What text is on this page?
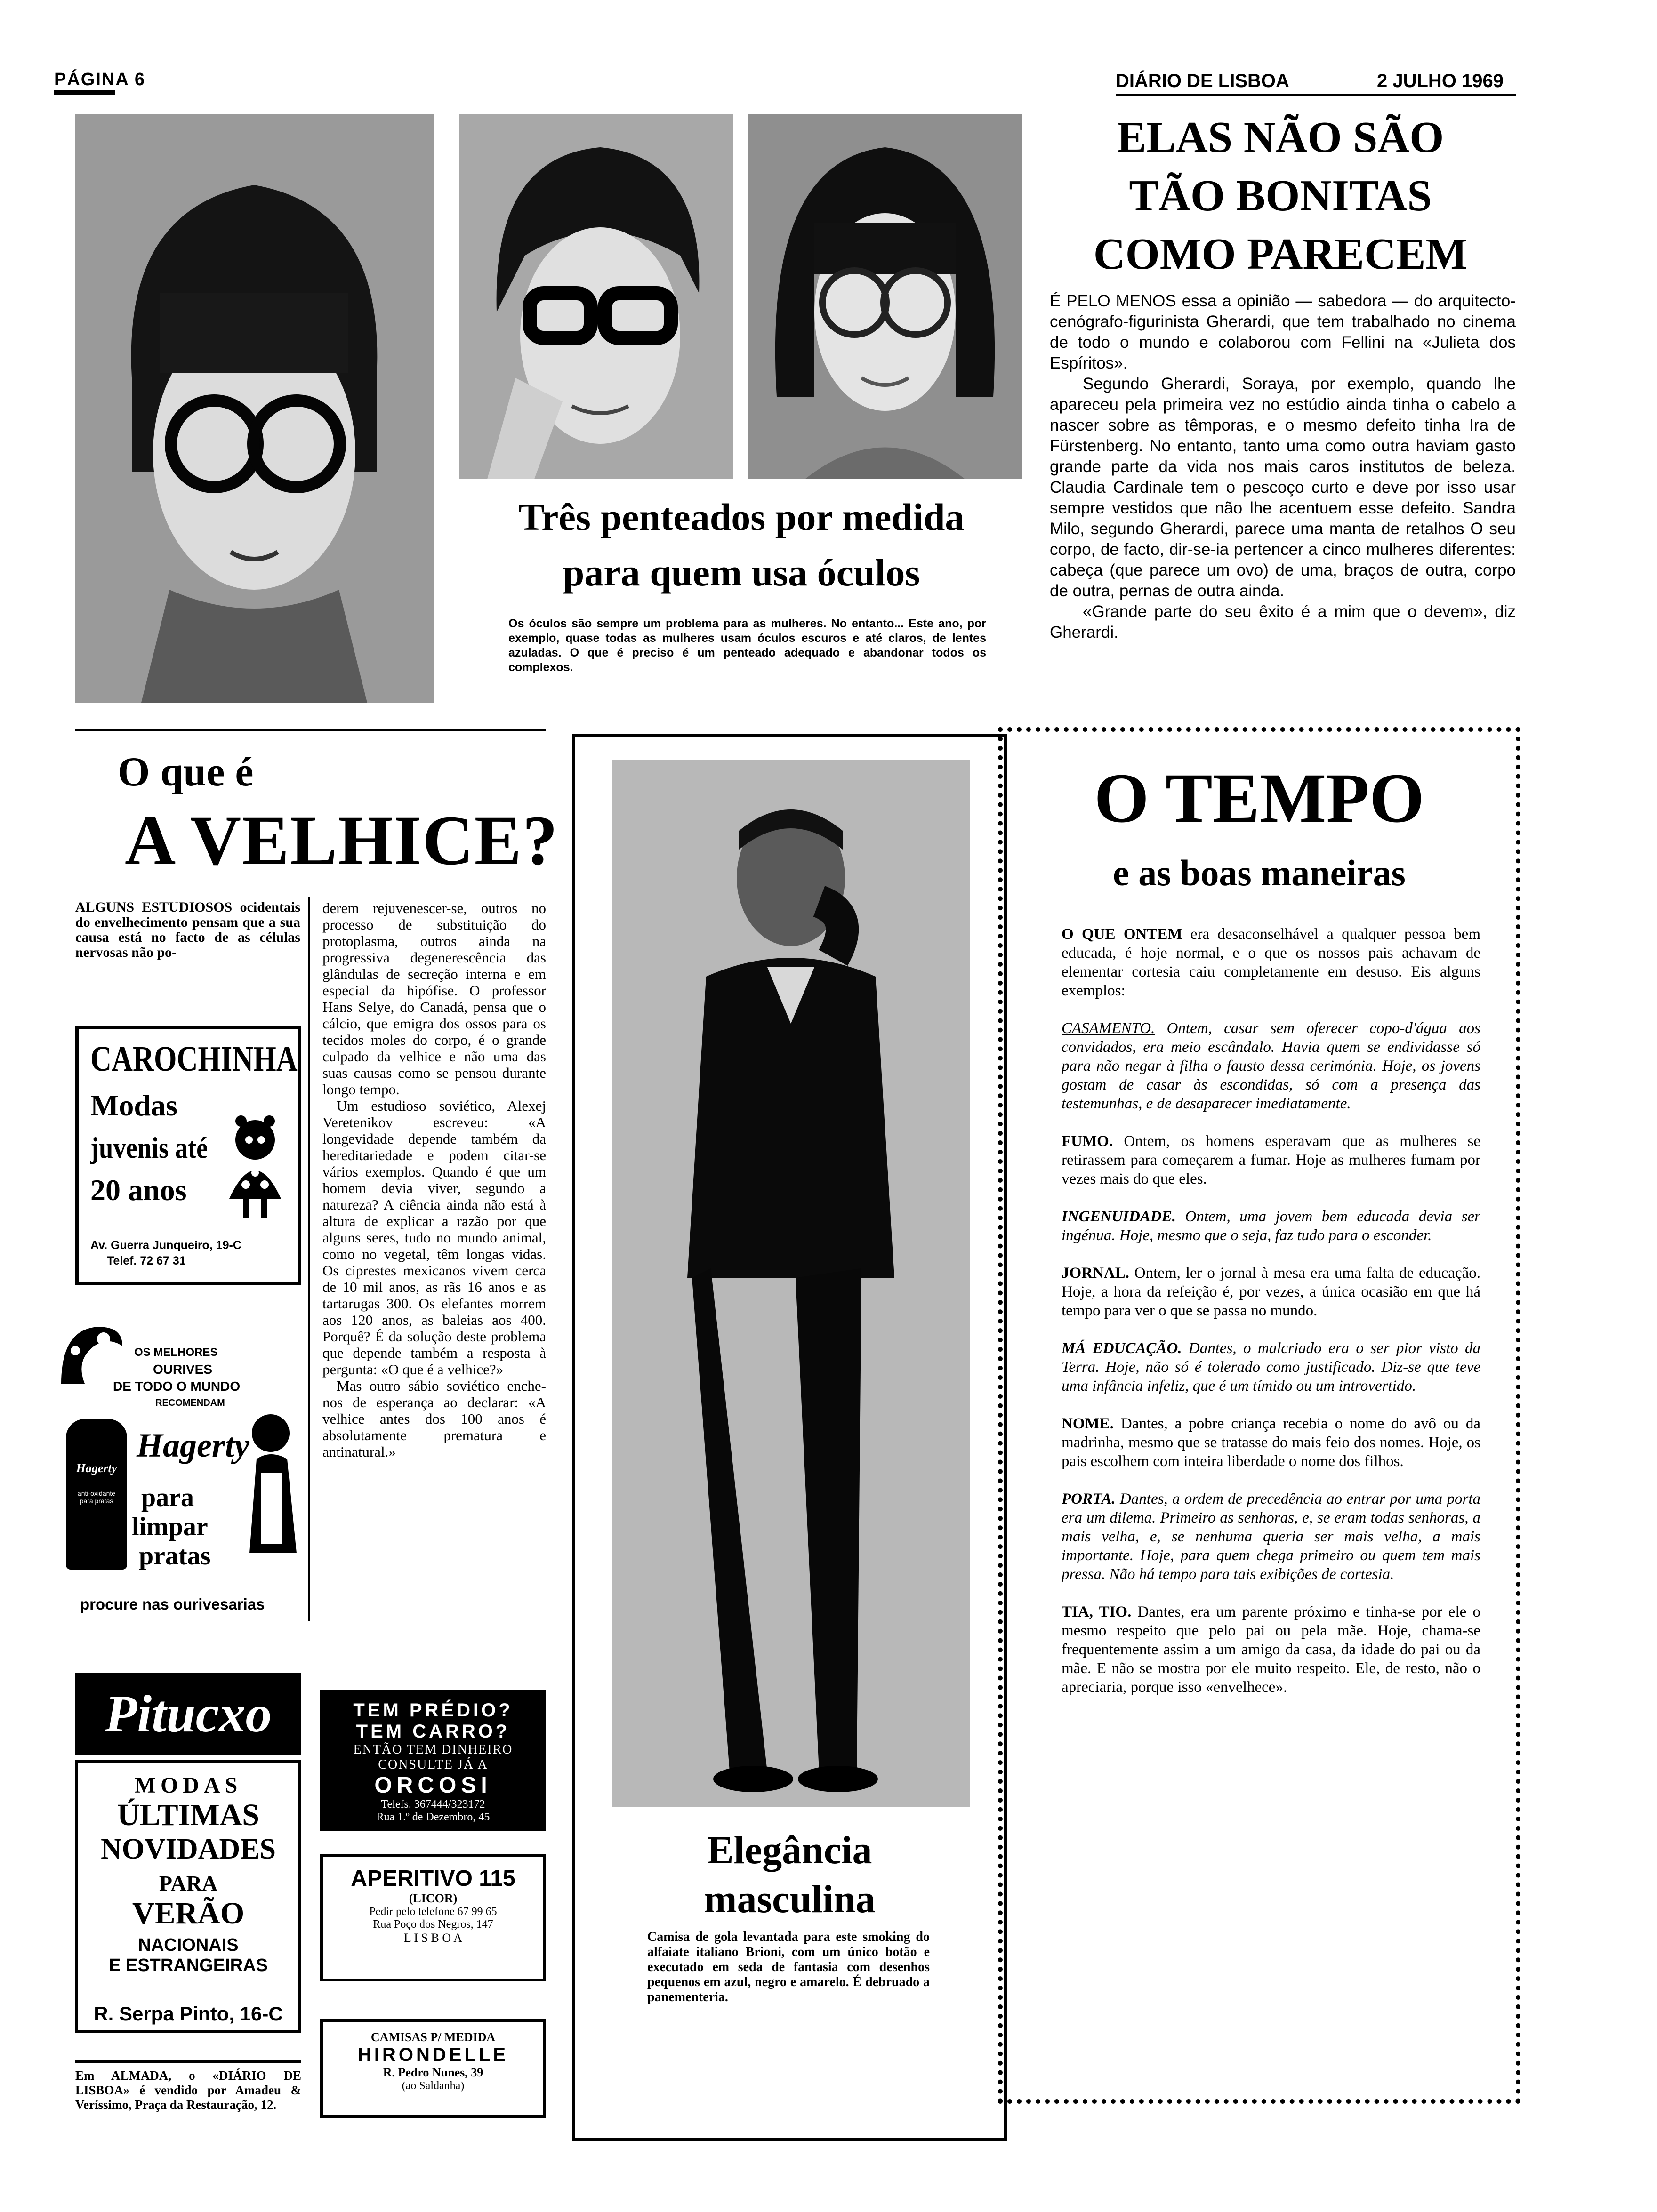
PÁGINA 6	DIÁRIO DE LISBOA	2 JULHO 1969
Três penteados por medida
para quem usa óculos
Os óculos são sempre um problema para as mulheres. No entanto... Este ano, por exemplo, quase todas as mulheres usam óculos escuros e até claros, de lentes azuladas. O que é preciso é um penteado adequado e abandonar todos os complexos.
ELAS NÃO SÃO
TÃO BONITAS
COMO PARECEM

É PELO MENOS essa a opinião — sabedora — do arquitecto-cenógrafo-figurinista Gherardi, que tem trabalhado no cinema de todo o mundo e colaborou com Fellini na «Julieta dos Espíritos».

Segundo Gherardi, Soraya, por exemplo, quando lhe apareceu pela primeira vez no estúdio ainda tinha o cabelo a nascer sobre as têmporas, e o mesmo defeito tinha Ira de Fürstenberg. No entanto, tanto uma como outra haviam gasto grande parte da vida nos mais caros institutos de beleza. Claudia Cardinale tem o pescoço curto e deve por isso usar sempre vestidos que não lhe acentuem esse defeito. Sandra Milo, segundo Gherardi, parece uma manta de retalhos O seu corpo, de facto, dir-se-ia pertencer a cinco mulheres diferentes: cabeça (que parece um ovo) de uma, braços de outra, corpo de outra, pernas de outra ainda.

«Grande parte do seu êxito é a mim que o devem», diz Gherardi.

O que é
A VELHICE?
ALGUNS ESTUDIOSOS ocidentais do envelhecimento pensam que a sua causa está no facto de as células nervosas não po-

derem rejuvenescer-se, outros no processo de substituição do protoplasma, outros ainda na progressiva degenerescência das glândulas de secreção interna e em especial da hipófise. O professor Hans Selye, do Canadá, pensa que o cálcio, que emigra dos ossos para os tecidos moles do corpo, é o grande culpado da velhice e não uma das suas causas como se pensou durante longo tempo.

Um estudioso soviético, Alexej Veretenikov escreveu: «A longevidade depende também da hereditariedade e podem citar-se vários exemplos. Quando é que um homem devia viver, segundo a natureza? A ciência ainda não está à altura de explicar a razão por que alguns seres, tudo no mundo animal, como no vegetal, têm longas vidas. Os ciprestes mexicanos vivem cerca de 10 mil anos, as rãs 16 anos e as tartarugas 300. Os elefantes morrem aos 120 anos, as baleias aos 400. Porquê? É da solução deste problema que depende também a resposta à pergunta: «O que é a velhice?»

Mas outro sábio soviético enche-nos de esperança ao declarar: «A velhice antes dos 100 anos é absolutamente prematura e antinatural.»

CAROCHINHA
Modas
juvenis até
20 anos
Av. Guerra Junqueiro, 19-C
Telef. 72 67 31
OS MELHORES
OURIVES
DE TODO O MUNDO
RECOMENDAM
Hagerty
anti-oxidante
para pratas
Hagerty
para
limpar
pratas
procure nas ourivesarias
Pitucxo
MODAS
ÚLTIMAS
NOVIDADES
PARA
VERÃO
NACIONAIS
E ESTRANGEIRAS
R. Serpa Pinto, 16-C
Em ALMADA, o «DIÁRIO DE LISBOA» é vendido por Amadeu & Veríssimo, Praça da Restauração, 12.
TEM PRÉDIO?
TEM CARRO?
ENTÃO TEM DINHEIRO
CONSULTE JÁ A
ORCOSI
Telefs. 367444/323172
Rua 1.º de Dezembro, 45
APERITIVO 115
(LICOR)
Pedir pelo telefone 67 99 65
Rua Poço dos Negros, 147
L I S B O A
CAMISAS P/ MEDIDA
HIRONDELLE
R. Pedro Nunes, 39
(ao Saldanha)
Elegância
masculina
Camisa de gola levantada para este smoking do alfaiate italiano Brioni, com um único botão e executado em seda de fantasia com desenhos pequenos em azul, negro e amarelo. É debruado a panementeria.
O TEMPO
e as boas maneiras

O QUE ONTEM era desaconselhável a qualquer pessoa bem educada, é hoje normal, e o que os nossos pais achavam de elementar cortesia caiu completamente em desuso. Eis alguns exemplos:

CASAMENTO. Ontem, casar sem oferecer copo-d'água aos convidados, era meio escândalo. Havia quem se endividasse só para não negar à filha o fausto dessa cerimónia. Hoje, os jovens gostam de casar às escondidas, só com a presença das testemunhas, e de desaparecer imediatamente.

FUMO. Ontem, os homens esperavam que as mulheres se retirassem para começarem a fumar. Hoje as mulheres fumam por vezes mais do que eles.

INGENUIDADE. Ontem, uma jovem bem educada devia ser ingénua. Hoje, mesmo que o seja, faz tudo para o esconder.

JORNAL. Ontem, ler o jornal à mesa era uma falta de educação. Hoje, a hora da refeição é, por vezes, a única ocasião em que há tempo para ver o que se passa no mundo.

MÁ EDUCAÇÃO. Dantes, o malcriado era o ser pior visto da Terra. Hoje, não só é tolerado como justificado. Diz-se que teve uma infância infeliz, que é um tímido ou um introvertido.

NOME. Dantes, a pobre criança recebia o nome do avô ou da madrinha, mesmo que se tratasse do mais feio dos nomes. Hoje, os pais escolhem com inteira liberdade o nome dos filhos.

PORTA. Dantes, a ordem de precedência ao entrar por uma porta era um dilema. Primeiro as senhoras, e, se eram todas senhoras, a mais velha, e, se nenhuma queria ser mais velha, a mais importante. Hoje, para quem chega primeiro ou quem tem mais pressa. Não há tempo para tais exibições de cortesia.

TIA, TIO. Dantes, era um parente próximo e tinha-se por ele o mesmo respeito que pelo pai ou pela mãe. Hoje, chama-se frequentemente assim a um amigo da casa, da idade do pai ou da mãe. E não se mostra por ele muito respeito. Ele, de resto, não o apreciaria, porque isso «envelhece».
